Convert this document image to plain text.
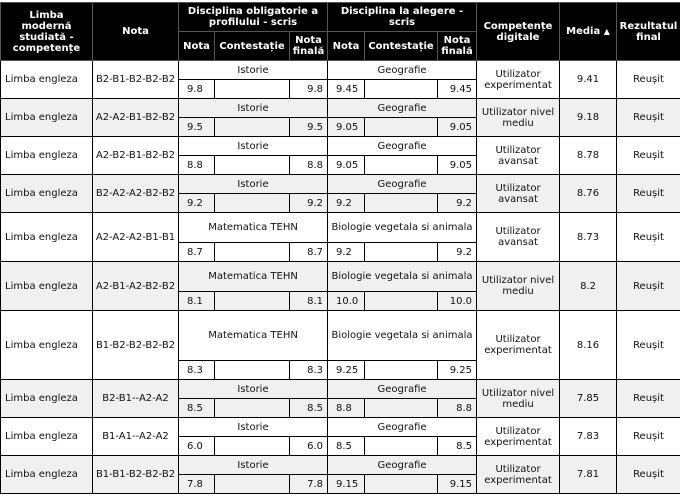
Limba modernă studiată - competențe	Nota	Disciplina obligatorie a profilului - scris			Disciplina la alegere - scris			Competențe digitale	Media ▲	Rezultatul final
		Nota	Contestație	Nota finală	Nota	Contestație	Nota finală			
Limba engleza	B2-B1-B2-B2-B2	Istorie			Geografie			Utilizator experimentat	9.41	Reușit
		9.8		9.8	9.45		9.45			
Limba engleza	A2-A2-B1-B2-B2	Istorie			Geografie			Utilizator nivel mediu	9.18	Reușit
		9.5		9.5	9.05		9.05			
Limba engleza	A2-B2-B1-B2-B2	Istorie			Geografie			Utilizator avansat	8.78	Reușit
		8.8		8.8	9.05		9.05			
Limba engleza	B2-A2-A2-B2-B2	Istorie			Geografie			Utilizator avansat	8.76	Reușit
		9.2		9.2	9.2		9.2			
Limba engleza	A2-A2-A2-B1-B1	Matematica TEHN			Biologie vegetala si animala			Utilizator avansat	8.73	Reușit
		8.7		8.7	9.2		9.2			
Limba engleza	A2-B1-A2-B2-B2	Matematica TEHN			Biologie vegetala si animala			Utilizator nivel mediu	8.2	Reușit
		8.1		8.1	10.0		10.0			
Limba engleza	B1-B2-B2-B2-B2	Matematica TEHN			Biologie vegetala si animala			Utilizator experimentat	8.16	Reușit
		8.3		8.3	9.25		9.25			
Limba engleza	B2-B1--A2-A2	Istorie			Geografie			Utilizator nivel mediu	7.85	Reușit
		8.5		8.5	8.8		8.8			
Limba engleza	B1-A1--A2-A2	Istorie			Geografie			Utilizator experimentat	7.83	Reușit
		6.0		6.0	8.5		8.5			
Limba engleza	B1-B1-B2-B2-B2	Istorie			Geografie			Utilizator experimentat	7.81	Reușit
		7.8		7.8	9.15		9.15			
